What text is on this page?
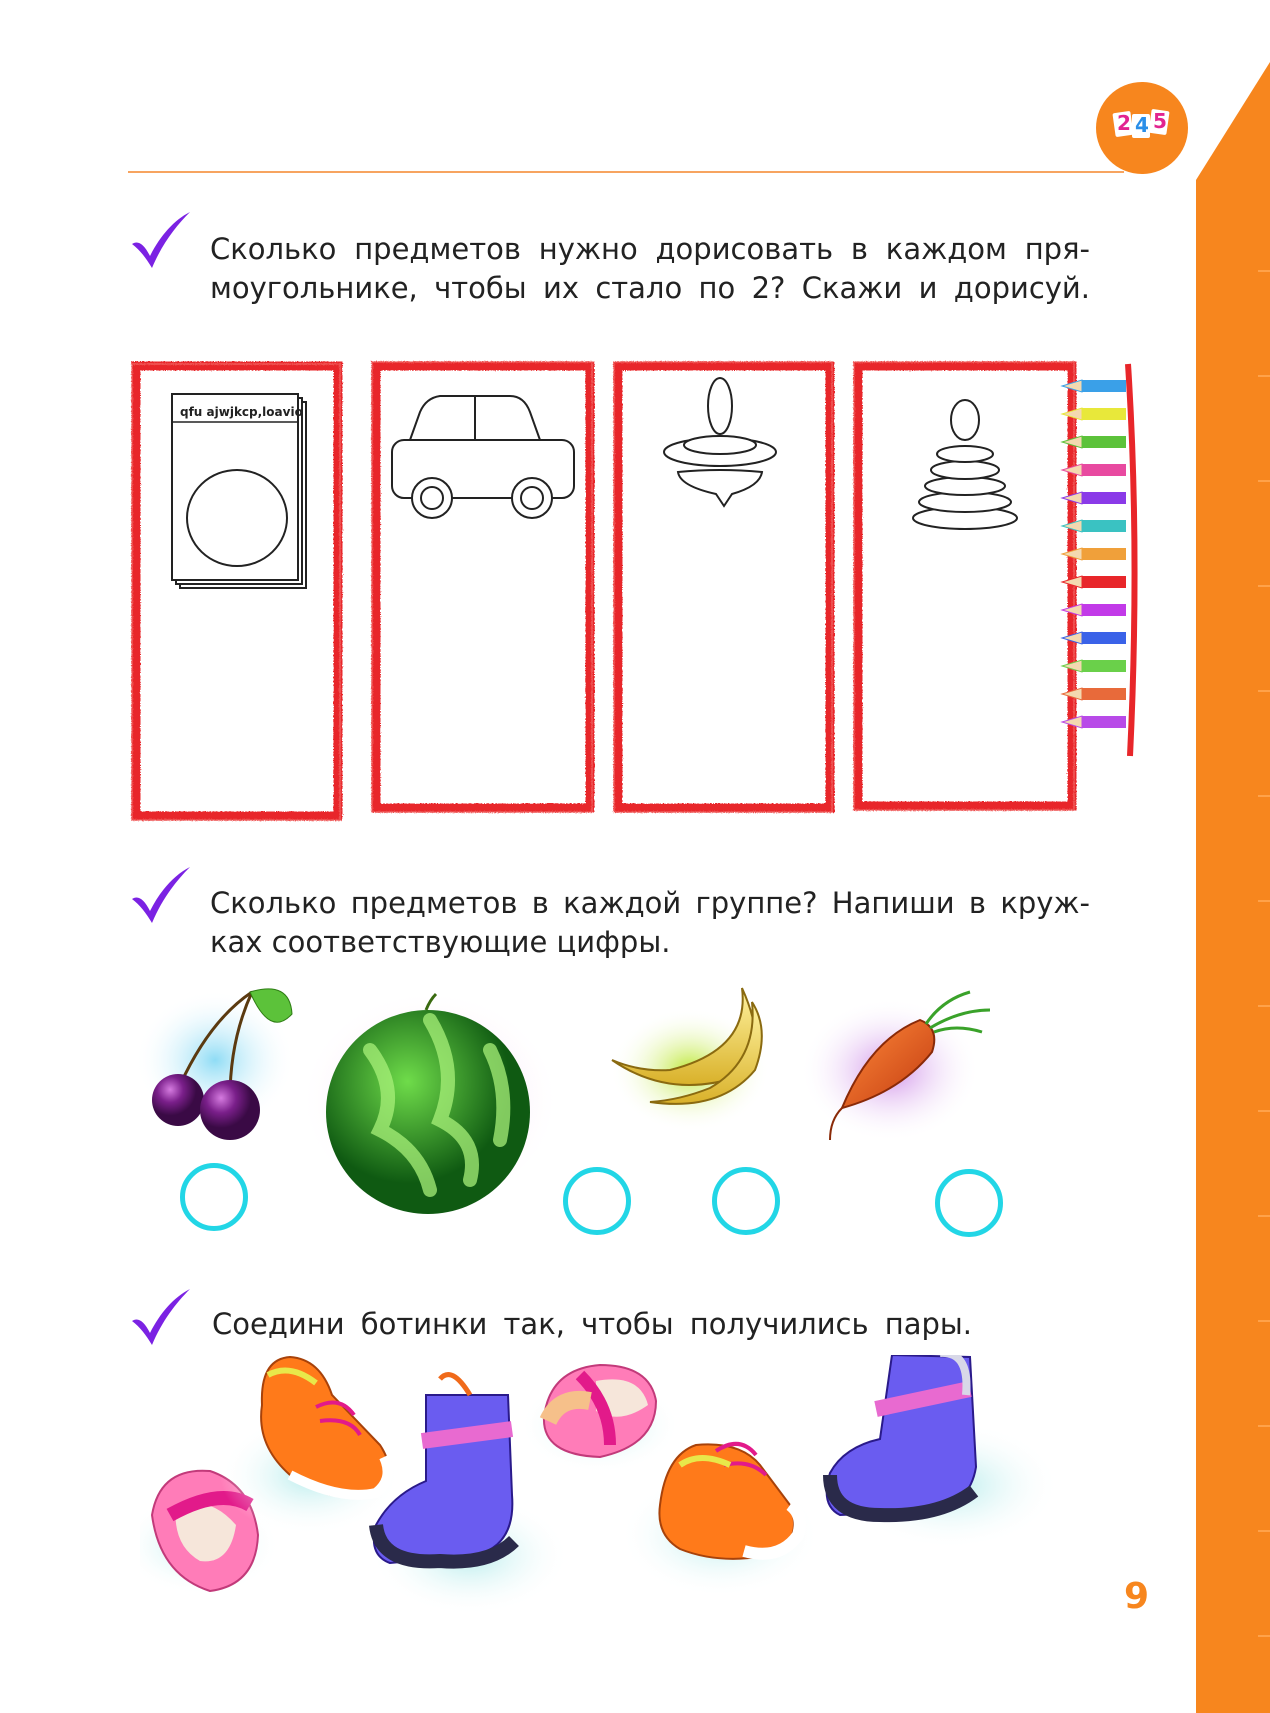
2 4 5
Сколько предметов нужно дорисовать в каждом пря-
моугольнике, чтобы их стало по 2? Скажи и дорисуй.
qfu ajwjkcp,loavio
Сколько предметов в каждой группе? Напиши в круж-
ках соответствующие цифры.
Соедини ботинки так, чтобы получились пары.
9
